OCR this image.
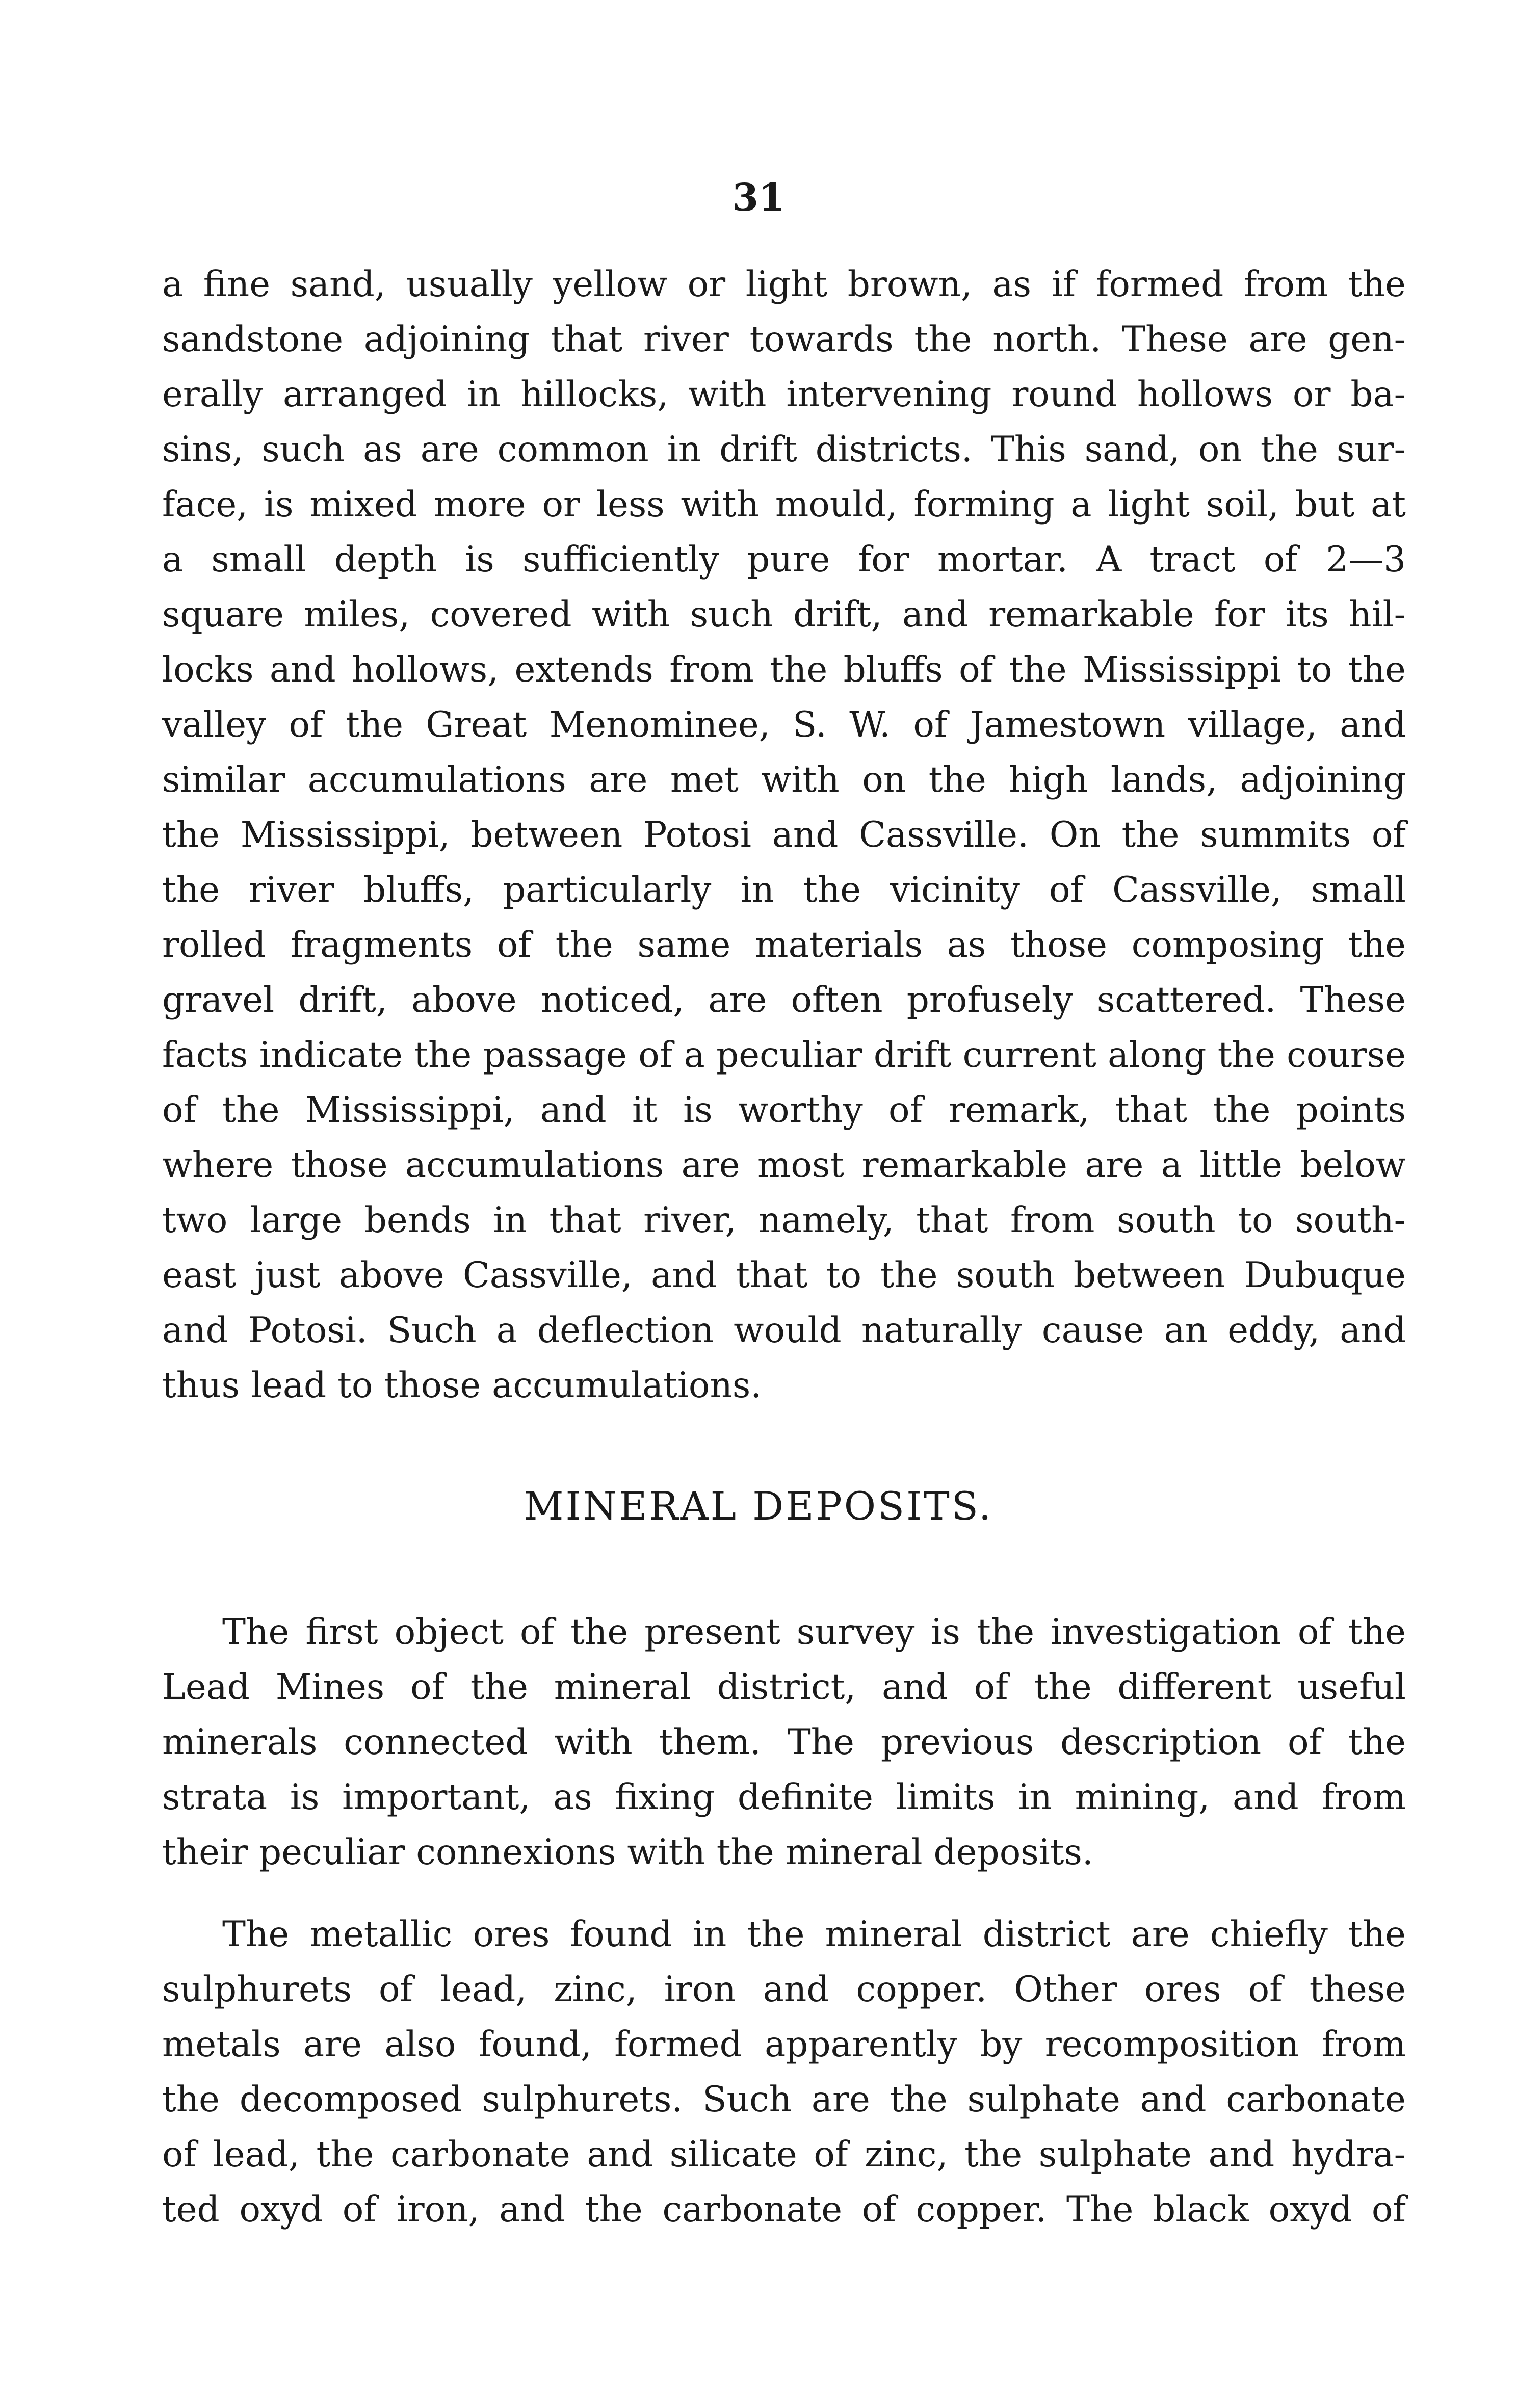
31
a fine sand, usually yellow or light brown, as if formed from the
sandstone adjoining that river towards the north. These are gen-
erally arranged in hillocks, with intervening round hollows or ba-
sins, such as are common in drift districts. This sand, on the sur-
face, is mixed more or less with mould, forming a light soil, but at
a small depth is sufficiently pure for mortar. A tract of 2—3
square miles, covered with such drift, and remarkable for its hil-
locks and hollows, extends from the bluffs of the Mississippi to the
valley of the Great Menominee, S. W. of Jamestown village, and
similar accumulations are met with on the high lands, adjoining
the Mississippi, between Potosi and Cassville. On the summits of
the river bluffs, particularly in the vicinity of Cassville, small
rolled fragments of the same materials as those composing the
gravel drift, above noticed, are often profusely scattered. These
facts indicate the passage of a peculiar drift current along the course
of the Mississippi, and it is worthy of remark, that the points
where those accumulations are most remarkable are a little below
two large bends in that river, namely, that from south to south-
east just above Cassville, and that to the south between Dubuque
and Potosi. Such a deflection would naturally cause an eddy, and
thus lead to those accumulations.
MINERAL DEPOSITS.
The first object of the present survey is the investigation of the
Lead Mines of the mineral district, and of the different useful
minerals connected with them. The previous description of the
strata is important, as fixing definite limits in mining, and from
their peculiar connexions with the mineral deposits.
The metallic ores found in the mineral district are chiefly the
sulphurets of lead, zinc, iron and copper. Other ores of these
metals are also found, formed apparently by recomposition from
the decomposed sulphurets. Such are the sulphate and carbonate
of lead, the carbonate and silicate of zinc, the sulphate and hydra-
ted oxyd of iron, and the carbonate of copper. The black oxyd of
